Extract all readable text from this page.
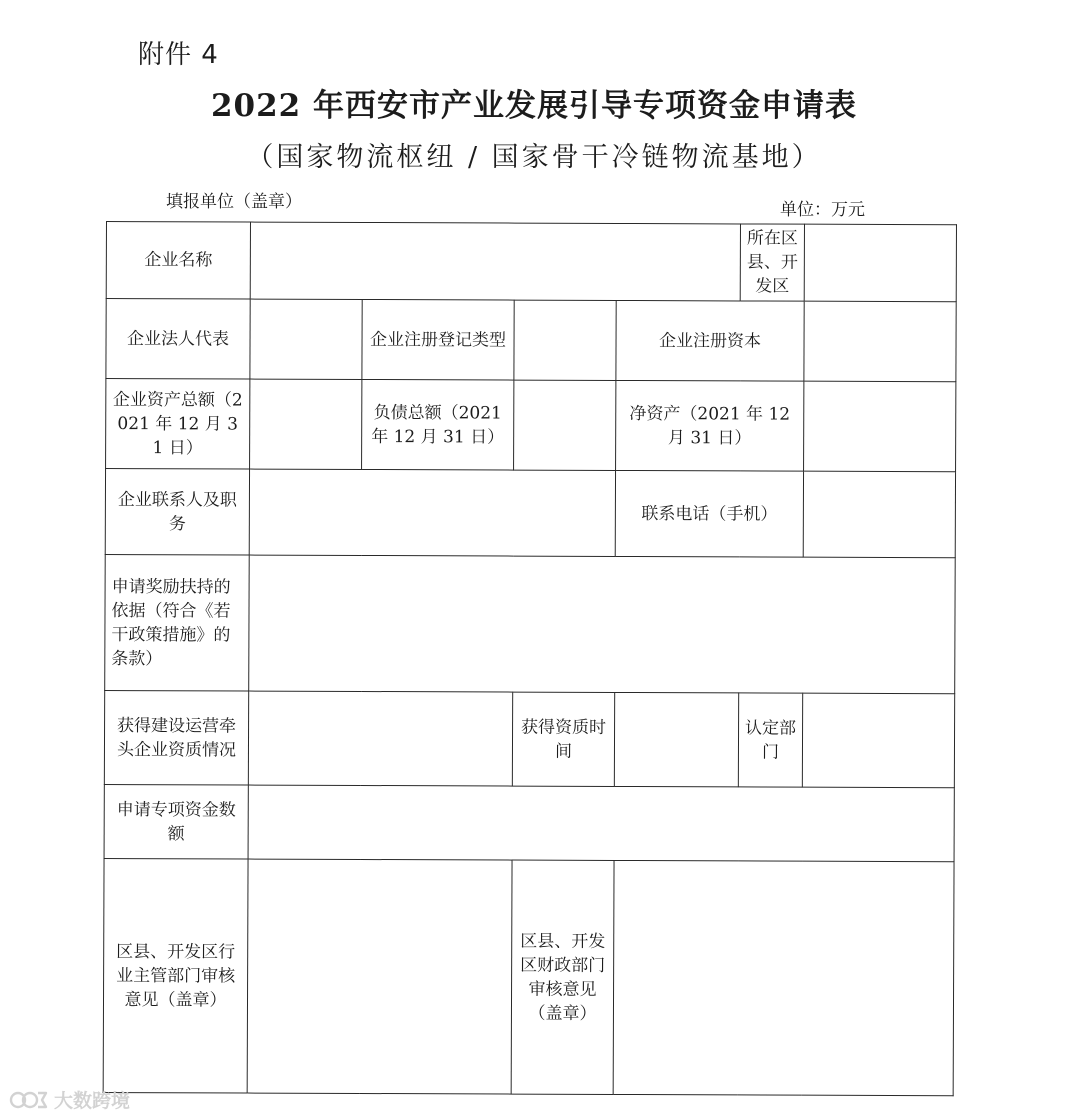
附件 4
2022 年西安市产业发展引导专项资金申请表
（国家物流枢纽 / 国家骨干冷链物流基地）
填报单位（盖章）	单位：万元
企业名称					所在区县、开发区	
企业法人代表		企业注册登记类型		企业注册资本		
企业资产总额（2021 年 12 月 31 日）		负债总额（2021 年 12 月 31 日）		净资产（2021 年 12 月 31 日）		
企业联系人及职务				联系电话（手机）		
申请奖励扶持的依据（符合《若干政策措施》的条款）						
获得建设运营牵头企业资质情况			获得资质时间		认定部门	
申请专项资金数额						
区县、开发区行业主管部门审核意见（盖章）			区县、开发区财政部门审核意见（盖章）			
大数跨境
